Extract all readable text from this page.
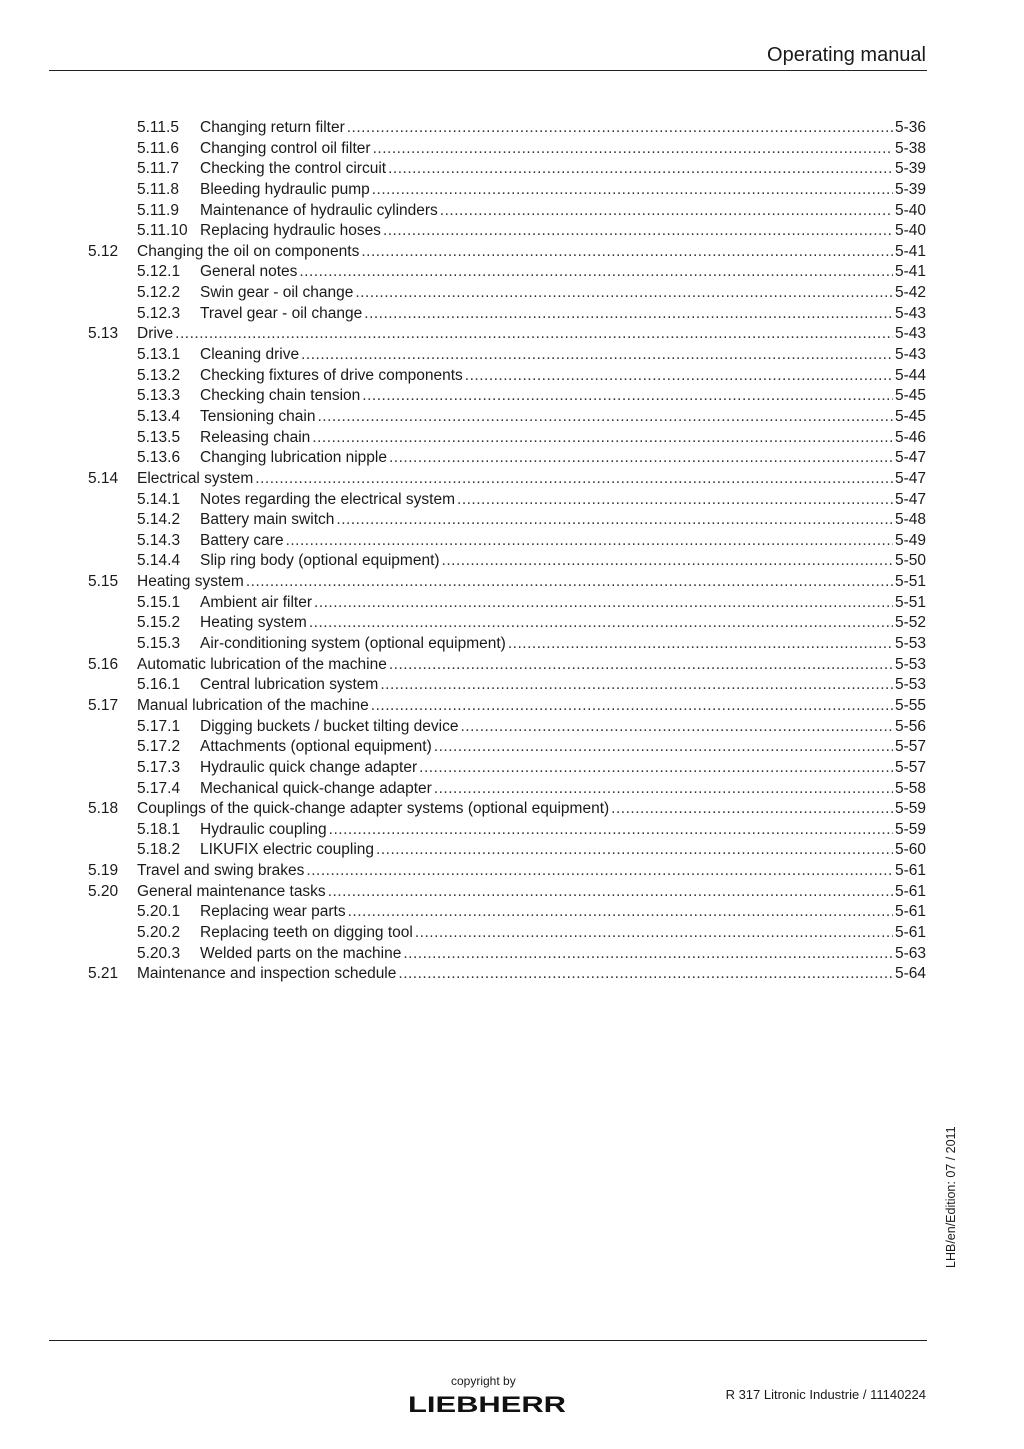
Operating manual
5.11.5 Changing return filter .....	5-36
5.11.6 Changing control oil filter .....	5-38
5.11.7 Checking the control circuit .....	5-39
5.11.8 Bleeding hydraulic pump .....	5-39
5.11.9 Maintenance of hydraulic cylinders .....	5-40
5.11.10 Replacing hydraulic hoses .....	5-40
5.12 Changing the oil on components .....	5-41
5.12.1 General notes .....	5-41
5.12.2 Swin gear - oil change .....	5-42
5.12.3 Travel gear - oil change .....	5-43
5.13 Drive .....	5-43
5.13.1 Cleaning drive .....	5-43
5.13.2 Checking fixtures of drive components .....	5-44
5.13.3 Checking chain tension .....	5-45
5.13.4 Tensioning chain .....	5-45
5.13.5 Releasing chain .....	5-46
5.13.6 Changing lubrication nipple .....	5-47
5.14 Electrical system .....	5-47
5.14.1 Notes regarding the electrical system .....	5-47
5.14.2 Battery main switch .....	5-48
5.14.3 Battery care .....	5-49
5.14.4 Slip ring body (optional equipment) .....	5-50
5.15 Heating system .....	5-51
5.15.1 Ambient air filter .....	5-51
5.15.2 Heating system .....	5-52
5.15.3 Air-conditioning system (optional equipment) .....	5-53
5.16 Automatic lubrication of the machine .....	5-53
5.16.1 Central lubrication system .....	5-53
5.17 Manual lubrication of the machine .....	5-55
5.17.1 Digging buckets / bucket tilting device .....	5-56
5.17.2 Attachments (optional equipment) .....	5-57
5.17.3 Hydraulic quick change adapter .....	5-57
5.17.4 Mechanical quick-change adapter .....	5-58
5.18 Couplings of the quick-change adapter systems (optional equipment) .....	5-59
5.18.1 Hydraulic coupling .....	5-59
5.18.2 LIKUFIX electric coupling .....	5-60
5.19 Travel and swing brakes .....	5-61
5.20 General maintenance tasks .....	5-61
5.20.1 Replacing wear parts .....	5-61
5.20.2 Replacing teeth on digging tool .....	5-61
5.20.3 Welded parts on the machine .....	5-63
5.21 Maintenance and inspection schedule .....	5-64
LHB/en/Edition: 07 / 2011
copyright by
LIEBHERR	R 317 Litronic Industrie / 11140224
